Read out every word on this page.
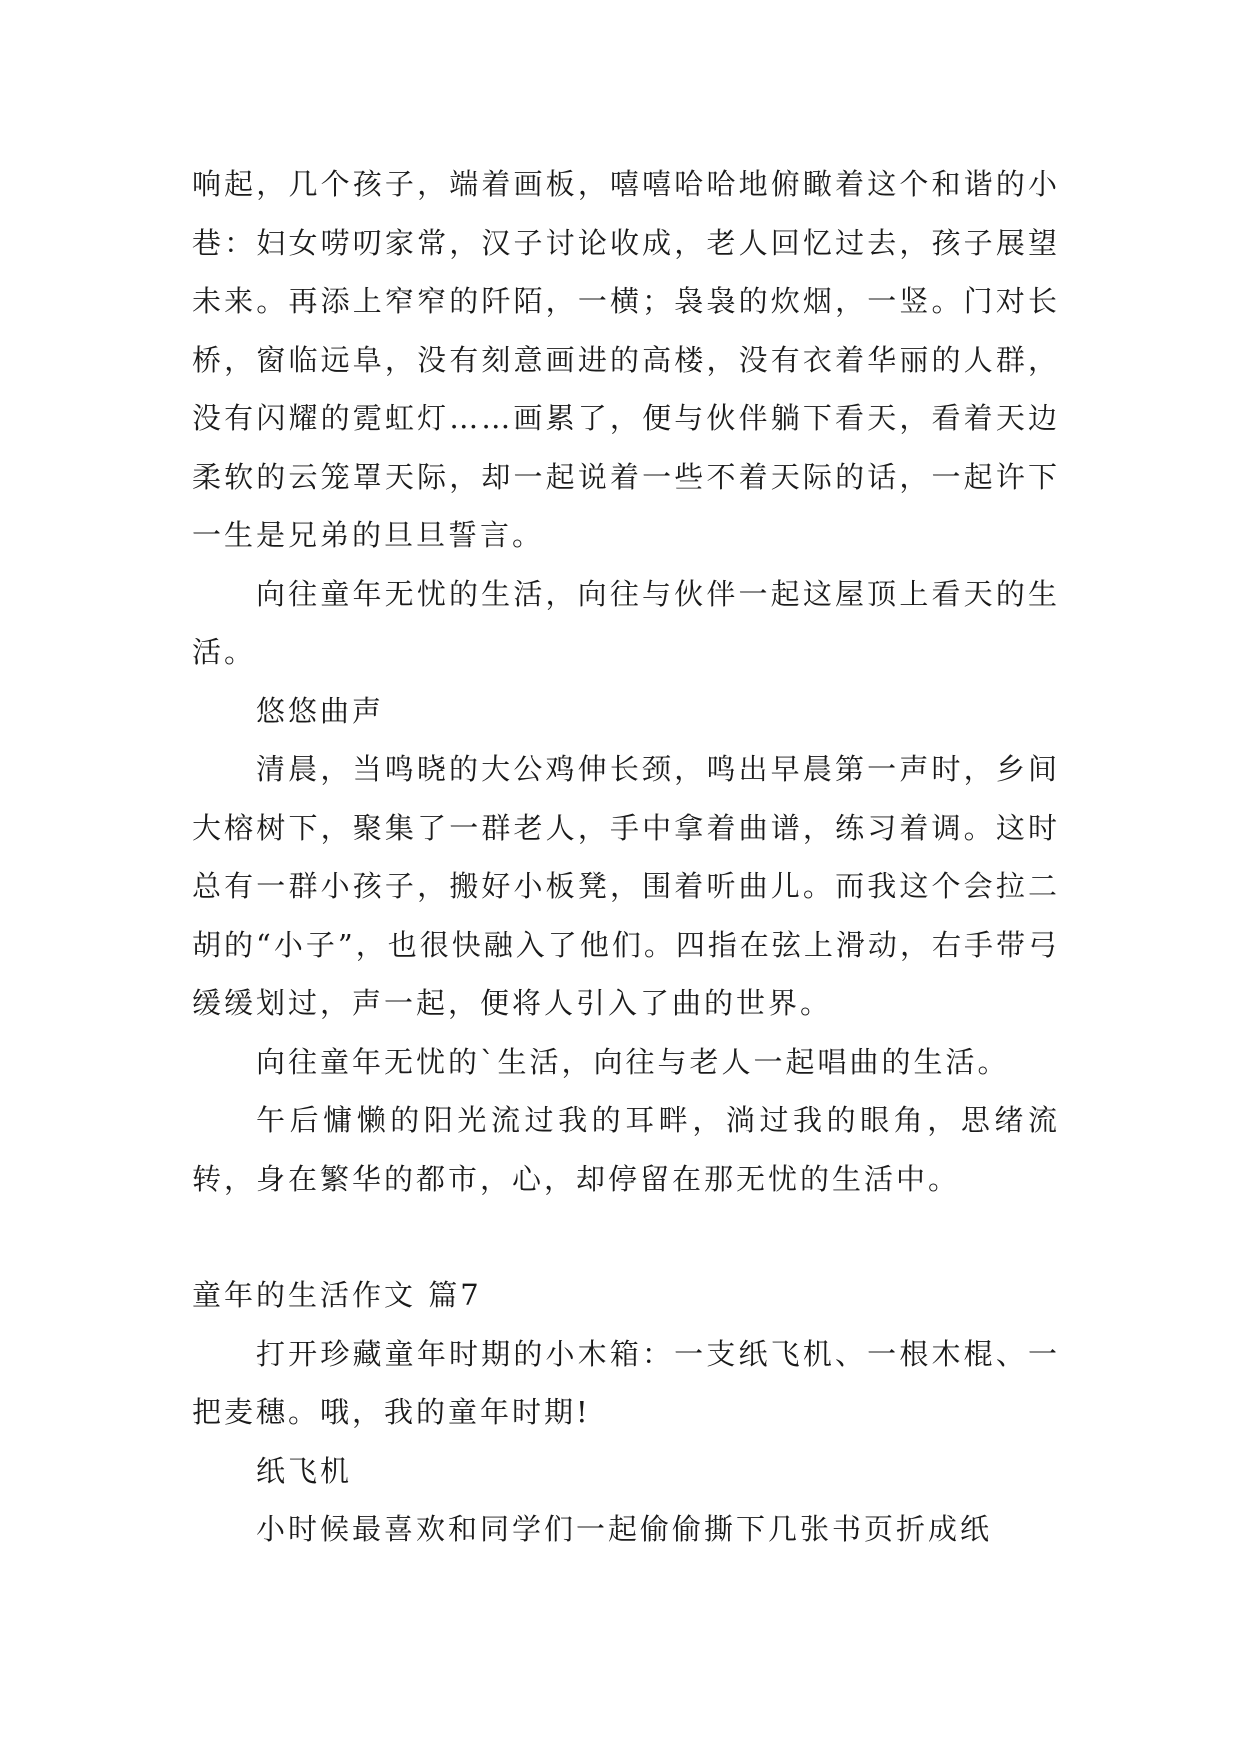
响起，几个孩子，端着画板，嘻嘻哈哈地俯瞰着这个和谐的小巷：妇女唠叨家常，汉子讨论收成，老人回忆过去，孩子展望未来。再添上窄窄的阡陌，一横；袅袅的炊烟，一竖。门对长桥，窗临远阜，没有刻意画进的高楼，没有衣着华丽的人群，没有闪耀的霓虹灯……画累了，便与伙伴躺下看天，看着天边柔软的云笼罩天际，却一起说着一些不着天际的话，一起许下一生是兄弟的旦旦誓言。

向往童年无忧的生活，向往与伙伴一起这屋顶上看天的生活。

悠悠曲声

清晨，当鸣晓的大公鸡伸长颈，鸣出早晨第一声时，乡间大榕树下，聚集了一群老人，手中拿着曲谱，练习着调。这时总有一群小孩子，搬好小板凳，围着听曲儿。而我这个会拉二胡的“小子”，也很快融入了他们。四指在弦上滑动，右手带弓缓缓划过，声一起，便将人引入了曲的世界。

向往童年无忧的`生活，向往与老人一起唱曲的生活。

午后慵懒的阳光流过我的耳畔，淌过我的眼角，思绪流转，身在繁华的都市，心，却停留在那无忧的生活中。

童年的生活作文 篇7

打开珍藏童年时期的小木箱：一支纸飞机、一根木棍、一把麦穗。哦，我的童年时期!

纸飞机

小时候最喜欢和同学们一起偷偷撕下几张书页折成纸
